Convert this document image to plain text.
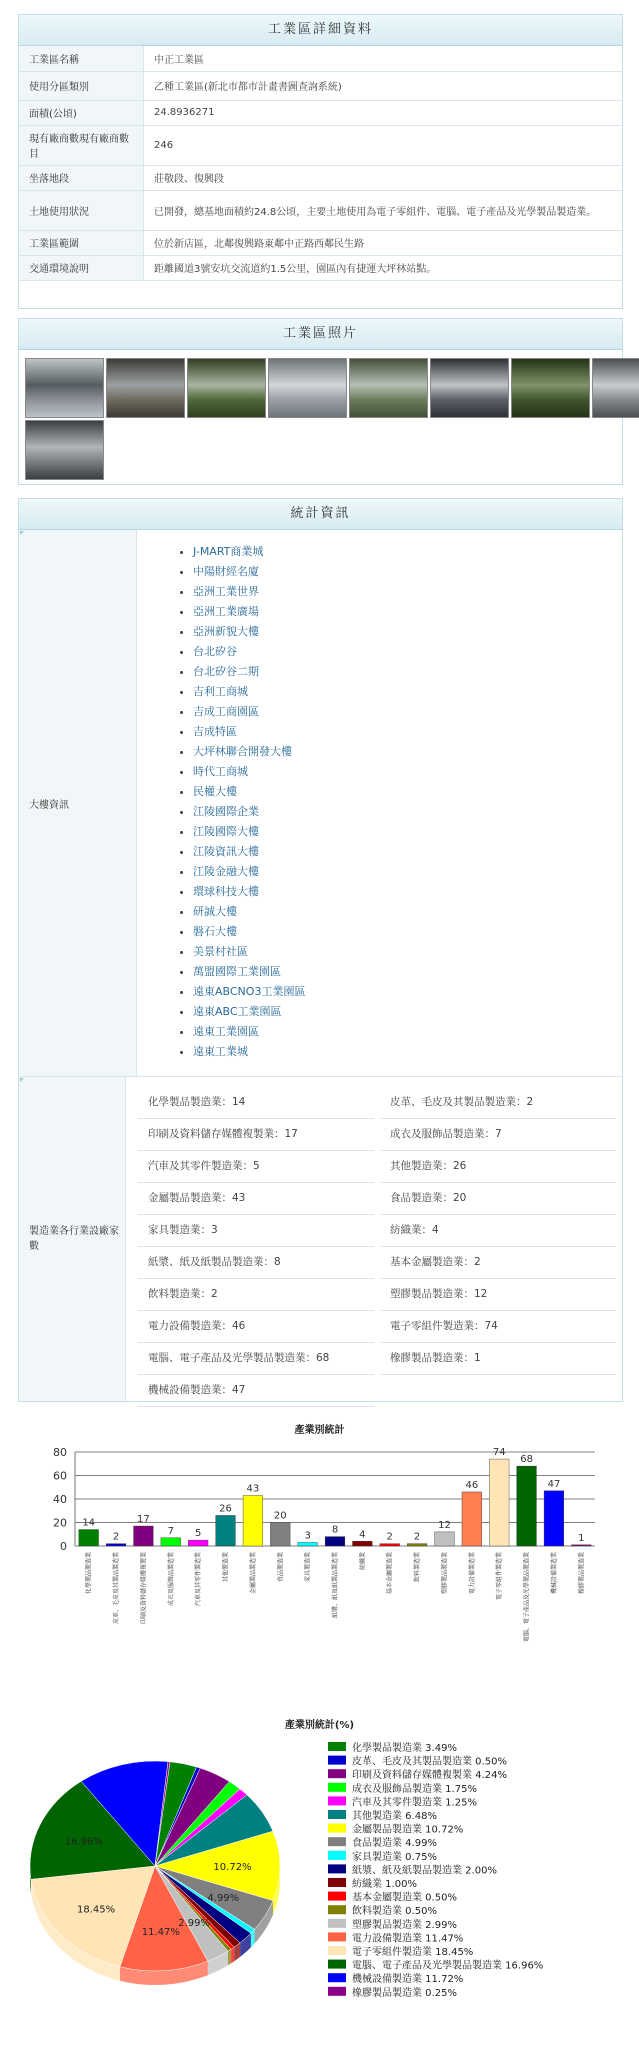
工業區詳細資料
工業區名稱	中正工業區
使用分區類別	乙種工業區(新北市都市計畫書圖查詢系統)
面積(公頃)	24.8936271
現有廠商數現有廠商數目	246
坐落地段	莊敬段、復興段
土地使用狀況	已開發，總基地面積約24.8公頃，主要土地使用為電子零組件、電腦、電子產品及光學製品製造業。
工業區範圍	位於新店區，北鄰復興路東鄰中正路西鄰民生路
交通環境說明	距離國道3號安坑交流道約1.5公里，園區內有捷運大坪林站點。
工業區照片
統計資訊
大樓資訊
• J-MART商業城
• 中陽財經名廈
• 亞洲工業世界
• 亞洲工業廣場
• 亞洲新貌大樓
• 台北矽谷
• 台北矽谷二期
• 吉利工商城
• 吉成工商園區
• 吉成特區
• 大坪林聯合開發大樓
• 時代工商城
• 民權大樓
• 江陵國際企業
• 江陵國際大樓
• 江陵資訊大樓
• 江陵金融大樓
• 環球科技大樓
• 研誠大樓
• 磐石大樓
• 美景村社區
• 萬盟國際工業園區
• 遠東ABCNO3工業園區
• 遠東ABC工業園區
• 遠東工業園區
• 遠東工業城
製造業各行業設廠家數
化學製品製造業：14	皮革、毛皮及其製品製造業：2
印刷及資料儲存媒體複製業：17	成衣及服飾品製造業：7
汽車及其零件製造業：5	其他製造業：26
金屬製品製造業：43	食品製造業：20
家具製造業：3	紡織業：4
紙漿、紙及紙製品製造業：8	基本金屬製造業：2
飲料製造業：2	塑膠製品製造業：12
電力設備製造業：46	電子零組件製造業：74
電腦、電子產品及光學製品製造業：68	橡膠製品製造業：1
機械設備製造業：47
產業別統計
0
20
40
60
80
14
化學製品製造業
2
皮革、毛皮及其製品製造業
17
印刷及資料儲存媒體複製業
7
成衣及服飾品製造業
5
汽車及其零件製造業
26
其他製造業
43
金屬製品製造業
20
食品製造業
3
家具製造業
8
紙漿、紙及紙製品製造業
4
紡織業
2
基本金屬製造業
2
飲料製造業
12
塑膠製品製造業
46
電力設備製造業
74
電子零組件製造業
68
電腦、電子產品及光學製品製造業
47
機械設備製造業
1
橡膠製品製造業
產業別統計(%)
10.72%
4.99%
2.99%
11.47%
18.45%
16.96%
化學製品製造業 3.49%
皮革、毛皮及其製品製造業 0.50%
印刷及資料儲存媒體複製業 4.24%
成衣及服飾品製造業 1.75%
汽車及其零件製造業 1.25%
其他製造業 6.48%
金屬製品製造業 10.72%
食品製造業 4.99%
家具製造業 0.75%
紙漿、紙及紙製品製造業 2.00%
紡織業 1.00%
基本金屬製造業 0.50%
飲料製造業 0.50%
塑膠製品製造業 2.99%
電力設備製造業 11.47%
電子零組件製造業 18.45%
電腦、電子產品及光學製品製造業 16.96%
機械設備製造業 11.72%
橡膠製品製造業 0.25%
